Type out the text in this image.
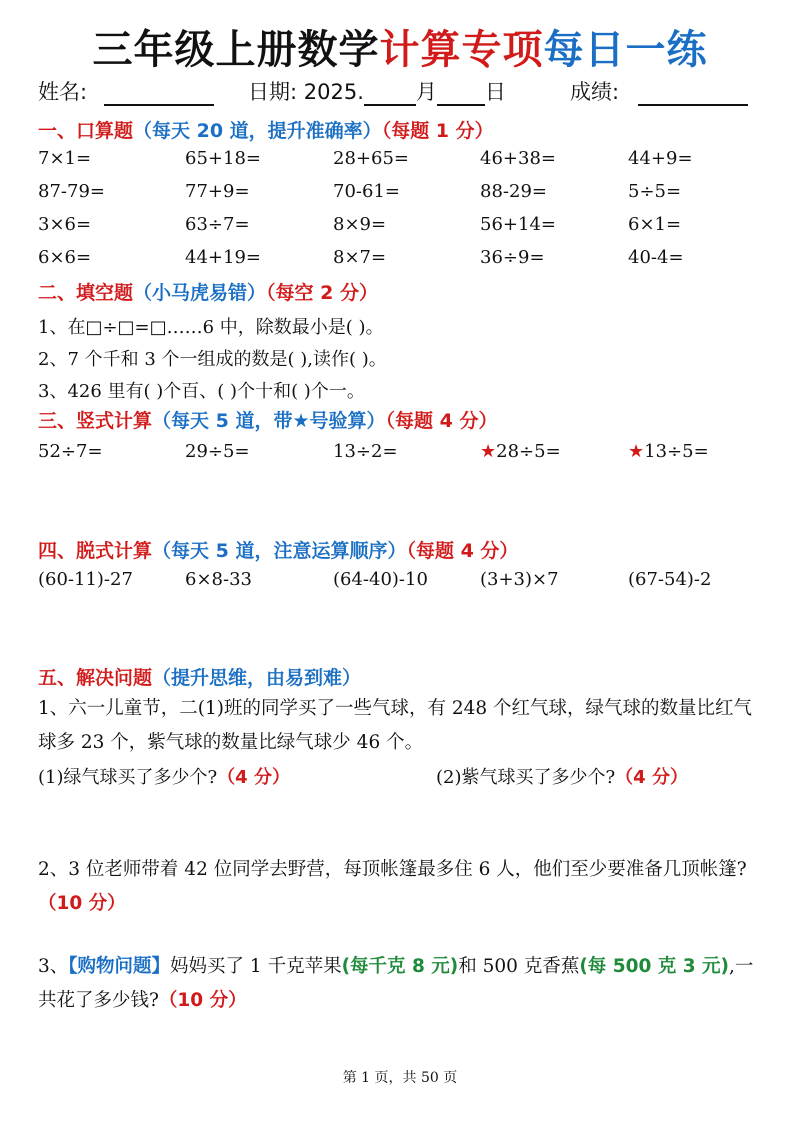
三年级上册数学计算专项每日一练
姓名:	日期: 2025. 月 日	成绩:
一、口算题（每天 20 道，提升准确率）（每题 1 分）
7×1=	65+18=	28+65=	46+38=	44+9=
87-79=	77+9=	70-61=	88-29=	5÷5=
3×6=	63÷7=	8×9=	56+14=	6×1=
6×6=	44+19=	8×7=	36÷9=	40-4=
二、填空题（小马虎易错）（每空 2 分）
1、在□÷□=□……6 中，除数最小是( )。
2、7 个千和 3 个一组成的数是( ),读作( )。
3、426 里有( )个百、( )个十和( )个一。
三、竖式计算（每天 5 道，带★号验算）（每题 4 分）
52÷7=	29÷5=	13÷2=	★28÷5=	★13÷5=
四、脱式计算（每天 5 道，注意运算顺序）（每题 4 分）
(60-11)-27	6×8-33	(64-40)-10	(3+3)×7	(67-54)-2
五、解决问题（提升思维，由易到难）
1、六一儿童节，二(1)班的同学买了一些气球，有 248 个红气球，绿气球的数量比红气球多 23 个，紫气球的数量比绿气球少 46 个。
(1)绿气球买了多少个?（4 分）	(2)紫气球买了多少个?（4 分）
2、3 位老师带着 42 位同学去野营，每顶帐篷最多住 6 人，他们至少要准备几顶帐篷?（10 分）
3、【购物问题】妈妈买了 1 千克苹果(每千克 8 元)和 500 克香蕉(每 500 克 3 元),一共花了多少钱?（10 分）
第 1 页，共 50 页
